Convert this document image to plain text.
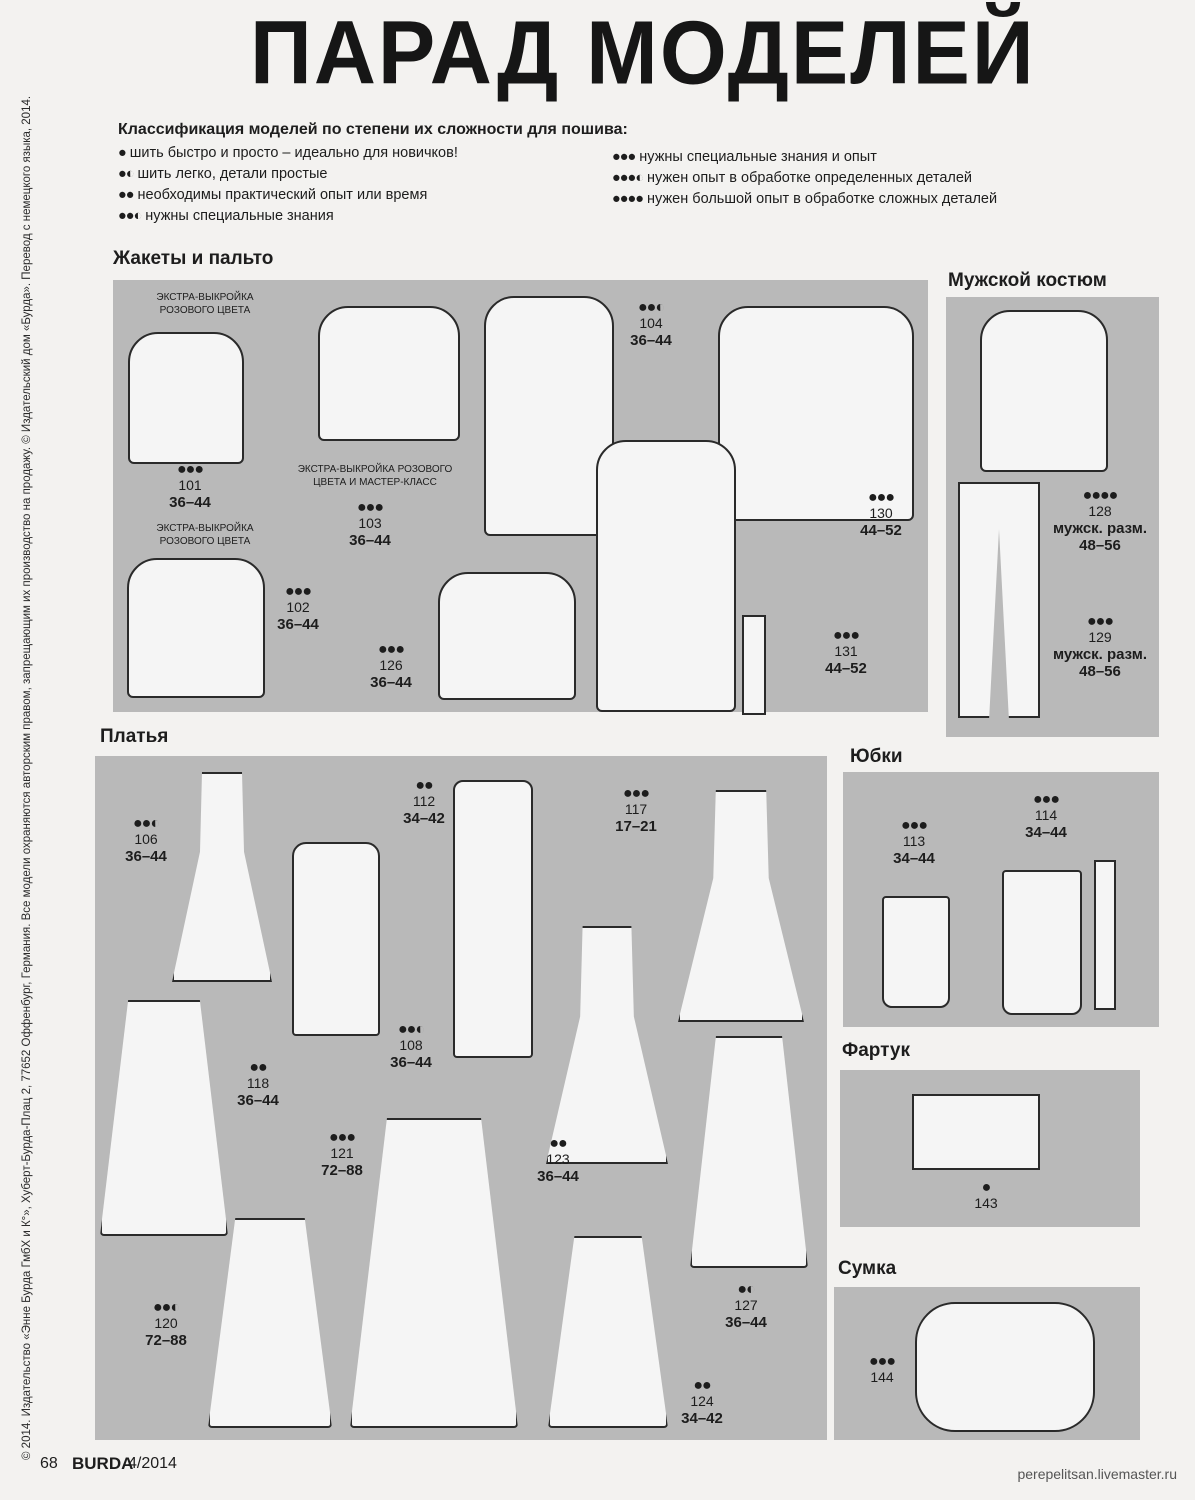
ПАРАД МОДЕЛЕЙ
© 2014. Издательство «Энне Бурда ГмбХ и К°», Хуберт-Бурда-Плац 2, 77652 Оффенбург, Германия. Все модели охраняются авторским правом, запрещающим их производство на продажу. © Издательский дом «Бурда». Перевод с немецкого языка, 2014.	Классификация моделей по степени их сложности для пошива:
● шить быстро и просто – идеально для новичков!
●◐ шить легко, детали простые
●● необходимы практический опыт или время
●●◐ нужны специальные знания
●●● нужны специальные знания и опыт
●●●◐ нужен опыт в обработке определенных деталей
●●●● нужен большой опыт в обработке сложных деталей
Жакеты и пальто
Мужской костюм
Платья
Юбки
Фартук
Сумка
ЭКСТРА-ВЫКРОЙКА РОЗОВОГО ЦВЕТА
●●●
101
36–44
ЭКСТРА-ВЫКРОЙКА РОЗОВОГО ЦВЕТА И МАСТЕР-КЛАСС
●●●
103
36–44
●●◐
104
36–44
●●●
130
44–52
ЭКСТРА-ВЫКРОЙКА РОЗОВОГО ЦВЕТА
●●●
102
36–44
●●●
126
36–44
●●●
131
44–52
●●●●
128
мужск. разм.
48–56
●●●
129
мужск. разм.
48–56
●●◐
106
36–44
●●
112
34–42
●●◐
108
36–44
●●●
117
17–21
●●
118
36–44
●●●
121
72–88
●●
123
36–44
●●◐
120
72–88
●◐
127
36–44
●●
124
34–42
●●●
113
34–44
●●●
114
34–44
●
143
●●●
144
68 BURDA
4/2014
perepelitsan.livemaster.ru
